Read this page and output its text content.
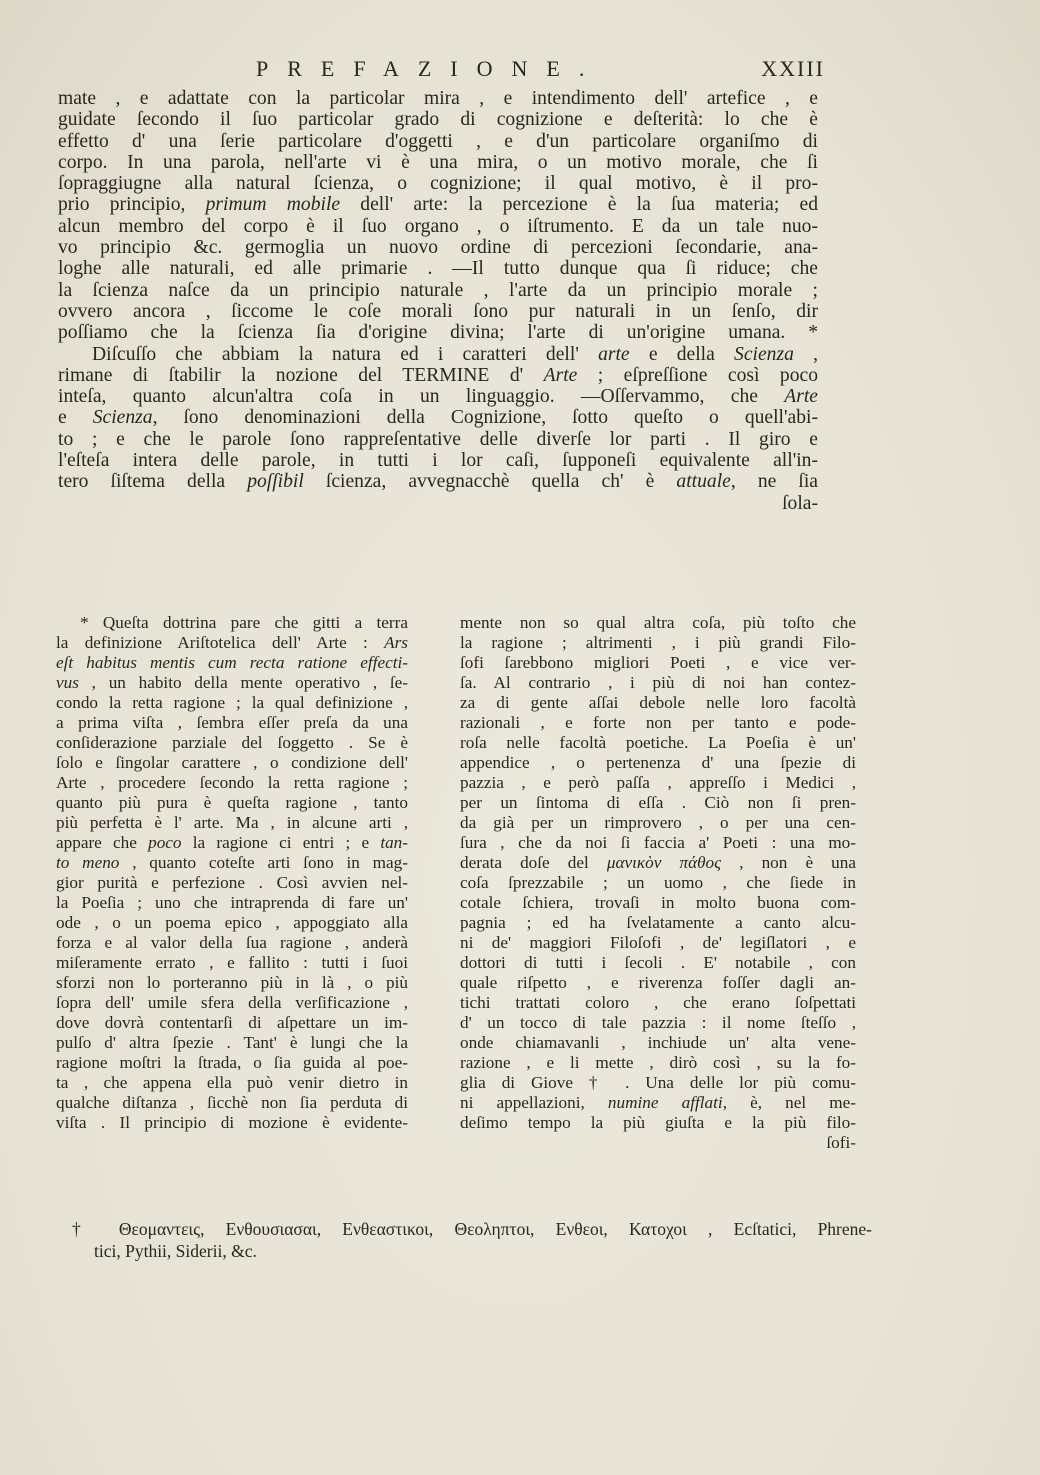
PREFAZIONE.	XXIII
mate , e adattate con la particolar mira , e intendimento dell' artefice , e
guidate ſecondo il ſuo particolar grado di cognizione e deſterità: lo che è
effetto d' una ſerie particolare d'oggetti , e d'un particolare organiſmo di
corpo. In una parola, nell'arte vi è una mira, o un motivo morale, che ſi
ſopraggiugne alla natural ſcienza, o cognizione; il qual motivo, è il pro-
prio principio, primum mobile dell' arte: la percezione è la ſua materia; ed
alcun membro del corpo è il ſuo organo , o iſtrumento. E da un tale nuo-
vo principio &c. germoglia un nuovo ordine di percezioni ſecondarie, ana-
loghe alle naturali, ed alle primarie . —Il tutto dunque qua ſi riduce; che
la ſcienza naſce da un principio naturale , l'arte da un principio morale ;
ovvero ancora , ſiccome le coſe morali ſono pur naturali in un ſenſo, dir
poſſiamo che la ſcienza ſia d'origine divina; l'arte di un'origine umana. *
Diſcuſſo che abbiam la natura ed i caratteri dell' arte e della Scienza ,
rimane di ſtabilir la nozione del TERMINE d' Arte ; eſpreſſione così poco
inteſa, quanto alcun'altra coſa in un linguaggio. —Oſſervammo, che Arte
e Scienza, ſono denominazioni della Cognizione, ſotto queſto o quell'abi-
to ; e che le parole ſono rappreſentative delle diverſe lor parti . Il giro e
l'eſteſa intera delle parole, in tutti i lor caſi, ſupponeſi equivalente all'in-
tero ſiſtema della poſſibil ſcienza, avvegnacchè quella ch' è attuale, ne ſia
ſola-
* Queſta dottrina pare che gitti a terra
la definizione Ariſtotelica dell' Arte : Ars
eſt habitus mentis cum recta ratione effecti-
vus , un habito della mente operativo , ſe-
condo la retta ragione ; la qual definizione ,
a prima viſta , ſembra eſſer preſa da una
conſiderazione parziale del ſoggetto . Se è
ſolo e ſingolar carattere , o condizione dell'
Arte , procedere ſecondo la retta ragione ;
quanto più pura è queſta ragione , tanto
più perfetta è l' arte. Ma , in alcune arti ,
appare che poco la ragione ci entri ; e tan-
to meno , quanto coteſte arti ſono in mag-
gior purità e perfezione . Così avvien nel-
la Poeſia ; uno che intraprenda di fare un'
ode , o un poema epico , appoggiato alla
forza e al valor della ſua ragione , anderà
miſeramente errato , e fallito : tutti i ſuoi
sforzi non lo porteranno più in là , o più
ſopra dell' umile sfera della verſificazione ,
dove dovrà contentarſi di aſpettare un im-
pulſo d' altra ſpezie . Tant' è lungi che la
ragione moſtri la ſtrada, o ſia guida al poe-
ta , che appena ella può venir dietro in
qualche diſtanza , ſicchè non ſia perduta di
viſta . Il principio di mozione è evidente-
mente non so qual altra coſa, più toſto che
la ragione ; altrimenti , i più grandi Filo-
ſofi ſarebbono migliori Poeti , e vice ver-
ſa. Al contrario , i più di noi han contez-
za di gente aſſai debole nelle loro facoltà
razionali , e forte non per tanto e pode-
roſa nelle facoltà poetiche. La Poeſia è un'
appendice , o pertenenza d' una ſpezie di
pazzia , e però paſſa , appreſſo i Medici ,
per un ſintoma di eſſa . Ciò non ſi pren-
da già per un rimprovero , o per una cen-
ſura , che da noi ſi faccia a' Poeti : una mo-
derata doſe del μανικὸν πάθος , non è una
coſa ſprezzabile ; un uomo , che ſiede in
cotale ſchiera, trovaſi in molto buona com-
pagnia ; ed ha ſvelatamente a canto alcu-
ni de' maggiori Filoſofi , de' legiſlatori , e
dottori di tutti i ſecoli . E' notabile , con
quale riſpetto , e riverenza foſſer dagli an-
tichi trattati coloro , che erano ſoſpettati
d' un tocco di tale pazzia : il nome ſteſſo ,
onde chiamavanli , inchiude un' alta vene-
razione , e li mette , dirò così , su la fo-
glia di Giove † . Una delle lor più comu-
ni appellazioni, numine afflati, è, nel me-
deſimo tempo la più giuſta e la più filo-
ſofi-
† Θεομαντεις, Ενθουσιασαι, Ενθεαστικοι, Θεοληπτοι, Ενθεοι, Κατοχοι , Ecſtatici, Phrene-
tici, Pythii, Siderii, &c.
